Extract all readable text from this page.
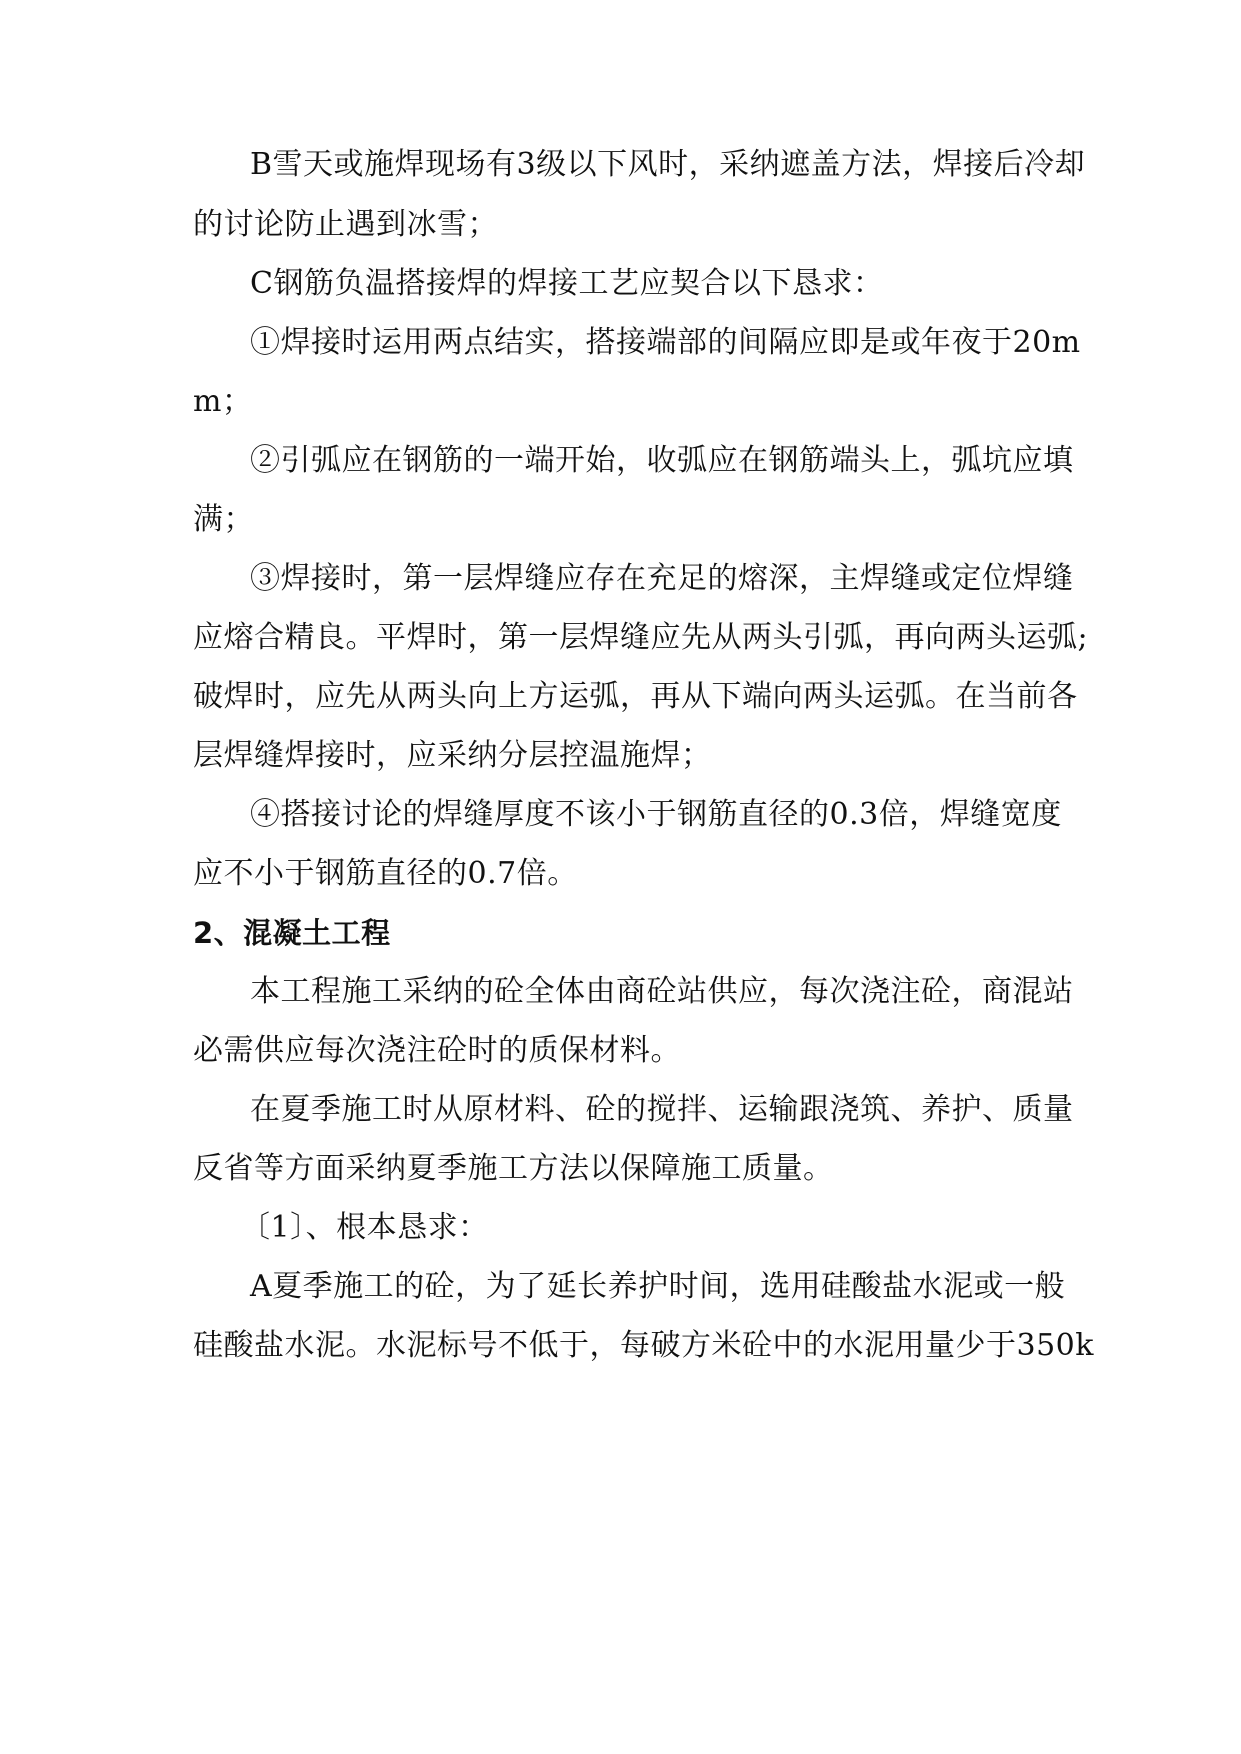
B雪天或施焊现场有3级以下风时，采纳遮盖方法，焊接后冷却
的讨论防止遇到冰雪；
C钢筋负温搭接焊的焊接工艺应契合以下恳求：
①焊接时运用两点结实，搭接端部的间隔应即是或年夜于20m
m；
②引弧应在钢筋的一端开始，收弧应在钢筋端头上，弧坑应填
满；
③焊接时，第一层焊缝应存在充足的熔深，主焊缝或定位焊缝
应熔合精良。平焊时，第一层焊缝应先从两头引弧，再向两头运弧;
破焊时，应先从两头向上方运弧，再从下端向两头运弧。在当前各
层焊缝焊接时，应采纳分层控温施焊；
④搭接讨论的焊缝厚度不该小于钢筋直径的0.3倍，焊缝宽度
应不小于钢筋直径的0.7倍。
2、混凝土工程
本工程施工采纳的砼全体由商砼站供应，每次浇注砼，商混站
必需供应每次浇注砼时的质保材料。
在夏季施工时从原材料、砼的搅拌、运输跟浇筑、养护、质量
反省等方面采纳夏季施工方法以保障施工质量。
〔1〕、根本恳求：
A夏季施工的砼，为了延长养护时间，选用硅酸盐水泥或一般
硅酸盐水泥。水泥标号不低于，每破方米砼中的水泥用量少于350k
